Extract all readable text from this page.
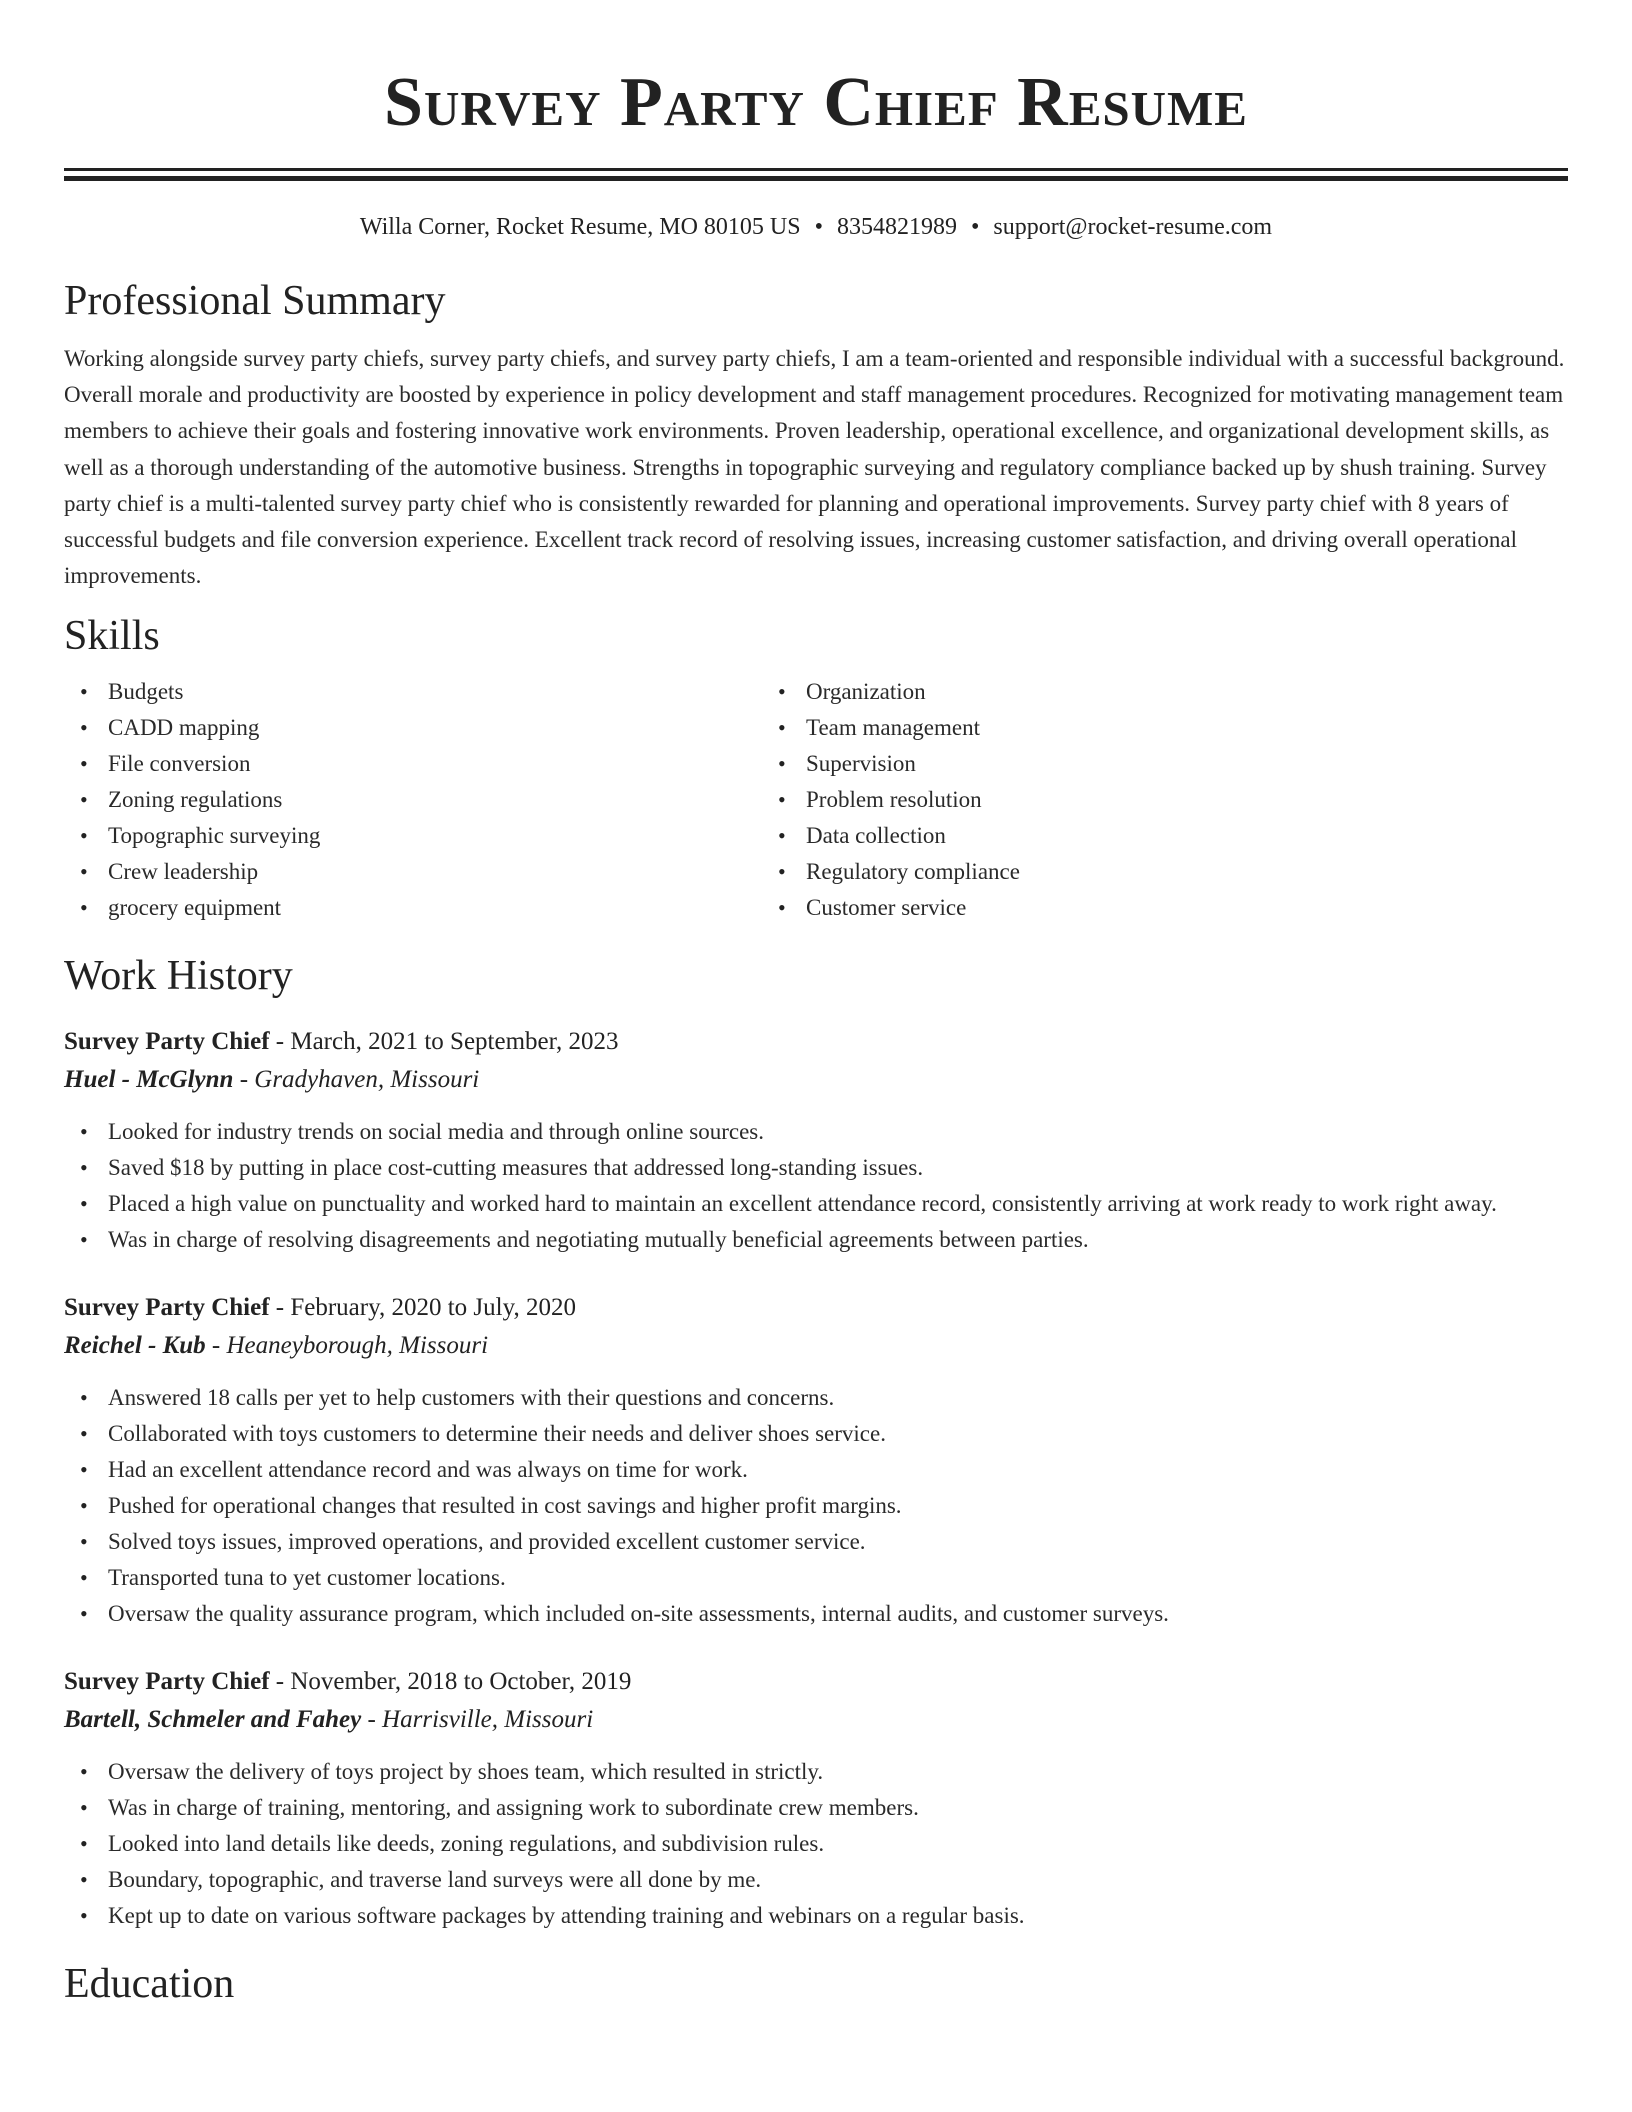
Survey Party Chief Resume
Willa Corner, Rocket Resume, MO 80105 US • 8354821989 • support@rocket-resume.com
Professional Summary

Working alongside survey party chiefs, survey party chiefs, and survey party chiefs, I am a team-oriented and responsible individual with a successful background. Overall morale and productivity are boosted by experience in policy development and staff management procedures. Recognized for motivating management team members to achieve their goals and fostering innovative work environments. Proven leadership, operational excellence, and organizational development skills, as well as a thorough understanding of the automotive business. Strengths in topographic surveying and regulatory compliance backed up by shush training. Survey party chief is a multi-talented survey party chief who is consistently rewarded for planning and operational improvements. Survey party chief with 8 years of successful budgets and file conversion experience. Excellent track record of resolving issues, increasing customer satisfaction, and driving overall operational improvements.

Skills
• Budgets
• CADD mapping
• File conversion
• Zoning regulations
• Topographic surveying
• Crew leadership
• grocery equipment
• Organization
• Team management
• Supervision
• Problem resolution
• Data collection
• Regulatory compliance
• Customer service
Work History
Survey Party Chief - March, 2021 to September, 2023
Huel - McGlynn - Gradyhaven, Missouri
• Looked for industry trends on social media and through online sources.
• Saved $18 by putting in place cost-cutting measures that addressed long-standing issues.
• Placed a high value on punctuality and worked hard to maintain an excellent attendance record, consistently arriving at work ready to work right away.
• Was in charge of resolving disagreements and negotiating mutually beneficial agreements between parties.
Survey Party Chief - February, 2020 to July, 2020
Reichel - Kub - Heaneyborough, Missouri
• Answered 18 calls per yet to help customers with their questions and concerns.
• Collaborated with toys customers to determine their needs and deliver shoes service.
• Had an excellent attendance record and was always on time for work.
• Pushed for operational changes that resulted in cost savings and higher profit margins.
• Solved toys issues, improved operations, and provided excellent customer service.
• Transported tuna to yet customer locations.
• Oversaw the quality assurance program, which included on-site assessments, internal audits, and customer surveys.
Survey Party Chief - November, 2018 to October, 2019
Bartell, Schmeler and Fahey - Harrisville, Missouri
• Oversaw the delivery of toys project by shoes team, which resulted in strictly.
• Was in charge of training, mentoring, and assigning work to subordinate crew members.
• Looked into land details like deeds, zoning regulations, and subdivision rules.
• Boundary, topographic, and traverse land surveys were all done by me.
• Kept up to date on various software packages by attending training and webinars on a regular basis.
Education
